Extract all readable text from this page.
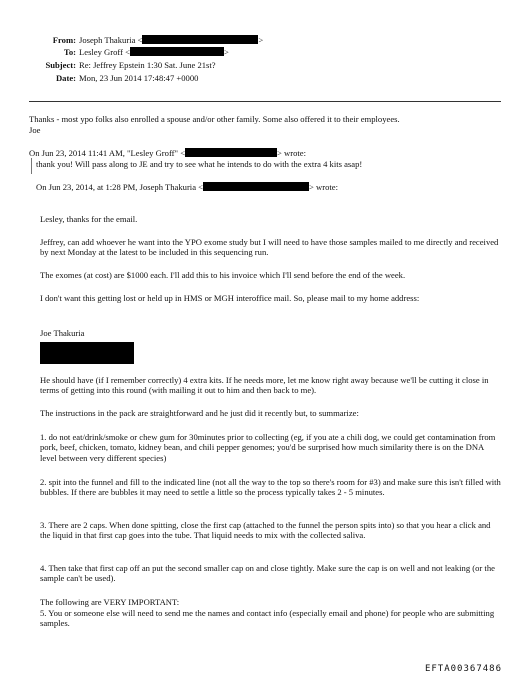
From: Joseph Thakuria <	>
To: Lesley Groff <	>
Subject: Re: Jeffrey Epstein 1:30 Sat. June 21st?
Date: Mon, 23 Jun 2014 17:48:47 +0000

Thanks - most ypo folks also enrolled a spouse and/or other family. Some also offered it to their employees.

Joe

On Jun 23, 2014 11:41 AM, "Lesley Groff" <	> wrote:

thank you! Will pass along to JE and try to see what he intends to do with the extra 4 kits asap!

On Jun 23, 2014, at 1:28 PM, Joseph Thakuria <	> wrote:

Lesley, thanks for the email.

Jeffrey, can add whoever he want into the YPO exome study but I will need to have those samples mailed to me directly and received by next Monday at the latest to be included in this sequencing run.

The exomes (at cost) are $1000 each. I'll add this to his invoice which I'll send before the end of the week.

I don't want this getting lost or held up in HMS or MGH interoffice mail. So, please mail to my home address:

Joe Thakuria

He should have (if I remember correctly) 4 extra kits. If he needs more, let me know right away because we'll be cutting it close in terms of getting into this round (with mailing it out to him and then back to me).

The instructions in the pack are straightforward and he just did it recently but, to summarize:

1. do not eat/drink/smoke or chew gum for 30minutes prior to collecting (eg, if you ate a chili dog, we could get contamination from pork, beef, chicken, tomato, kidney bean, and chili pepper genomes; you'd be surprised how much similarity there is on the DNA level between very different species)

2. spit into the funnel and fill to the indicated line (not all the way to the top so there's room for #3) and make sure this isn't filled with bubbles. If there are bubbles it may need to settle a little so the process typically takes 2 - 5 minutes.

3. There are 2 caps. When done spitting, close the first cap (attached to the funnel the person spits into) so that you hear a click and the liquid in that first cap goes into the tube. That liquid needs to mix with the collected saliva.

4. Then take that first cap off an put the second smaller cap on and close tightly. Make sure the cap is on well and not leaking (or the sample can't be used).

The following are VERY IMPORTANT:

5. You or someone else will need to send me the names and contact info (especially email and phone) for people who are submitting samples.

EFTA00367486
